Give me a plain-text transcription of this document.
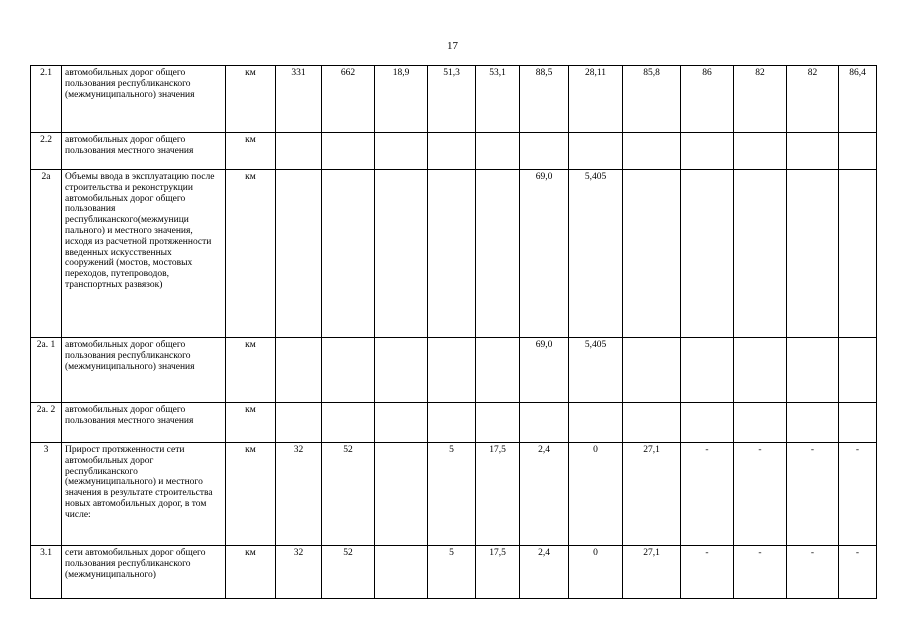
17
2.1	автомобильных дорог общего пользования республиканского (межмуниципального) значения	км	331	662	18,9	51,3	53,1	88,5	28,11	85,8	86	82	82	86,4	
2.2	автомобильных дорог общего пользования местного значения	км													
2а	Объемы ввода в эксплуатацию после строительства и реконструкции автомобильных дорог общего пользования республиканского(межмуници пального) и местного значения, исходя из расчетной протяженности введенных искусственных сооружений (мостов, мостовых переходов, путепроводов, транспортных развязок)	км						69,0	5,405						
2а. 1	автомобильных дорог общего пользования республиканского (межмуниципального) значения	км						69,0	5,405						
2а. 2	автомобильных дорог общего пользования местного значения	км													
3	Прирост протяженности сети автомобильных дорог республиканского (межмуниципального) и местного значения в результате строительства новых автомобильных дорог, в том числе:	км	32	52		5	17,5	2,4	0	27,1	-	-	-	-	
3.1	сети автомобильных дорог общего пользования республиканского (межмуниципального)	км	32	52		5	17,5	2,4	0	27,1	-	-	-	-	
